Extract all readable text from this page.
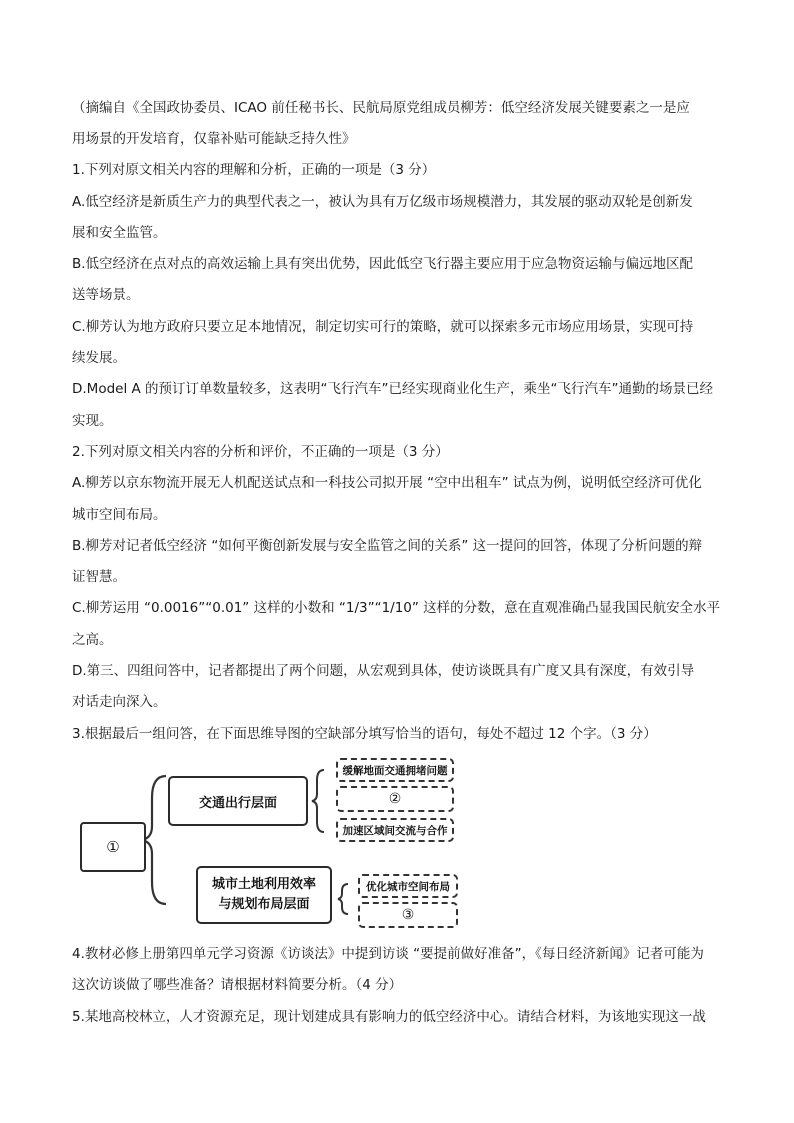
（摘编自《全国政协委员、ICAO 前任秘书长、民航局原党组成员柳芳：低空经济发展关键要素之一是应

用场景的开发培育，仅靠补贴可能缺乏持久性》

1.下列对原文相关内容的理解和分析，正确的一项是（3 分）

A.低空经济是新质生产力的典型代表之一，被认为具有万亿级市场规模潜力，其发展的驱动双轮是创新发

展和安全监管。

B.低空经济在点对点的高效运输上具有突出优势，因此低空飞行器主要应用于应急物资运输与偏远地区配

送等场景。

C.柳芳认为地方政府只要立足本地情况，制定切实可行的策略，就可以探索多元市场应用场景，实现可持

续发展。

D.Model A 的预订订单数量较多，这表明“飞行汽车”已经实现商业化生产，乘坐“飞行汽车”通勤的场景已经

实现。

2.下列对原文相关内容的分析和评价，不正确的一项是（3 分）

A.柳芳以京东物流开展无人机配送试点和一科技公司拟开展 “空中出租车” 试点为例，说明低空经济可优化

城市空间布局。

B.柳芳对记者低空经济 “如何平衡创新发展与安全监管之间的关系” 这一提问的回答，体现了分析问题的辩

证智慧。

C.柳芳运用 “0.0016”“0.01” 这样的小数和 “1/3”“1/10” 这样的分数，意在直观准确凸显我国民航安全水平

之高。

D.第三、四组问答中，记者都提出了两个问题，从宏观到具体，使访谈既具有广度又具有深度，有效引导

对话走向深入。

3.根据最后一组问答，在下面思维导图的空缺部分填写恰当的语句，每处不超过 12 个字。（3 分）

①
交通出行层面
城市土地利用效率
与规划布局层面
缓解地面交通拥堵问题
②
加速区域间交流与合作
优化城市空间布局
③

4.教材必修上册第四单元学习资源《访谈法》中提到访谈 “要提前做好准备”，《每日经济新闻》记者可能为

这次访谈做了哪些准备？请根据材料简要分析。（4 分）

5.某地高校林立，人才资源充足，现计划建成具有影响力的低空经济中心。请结合材料，为该地实现这一战
